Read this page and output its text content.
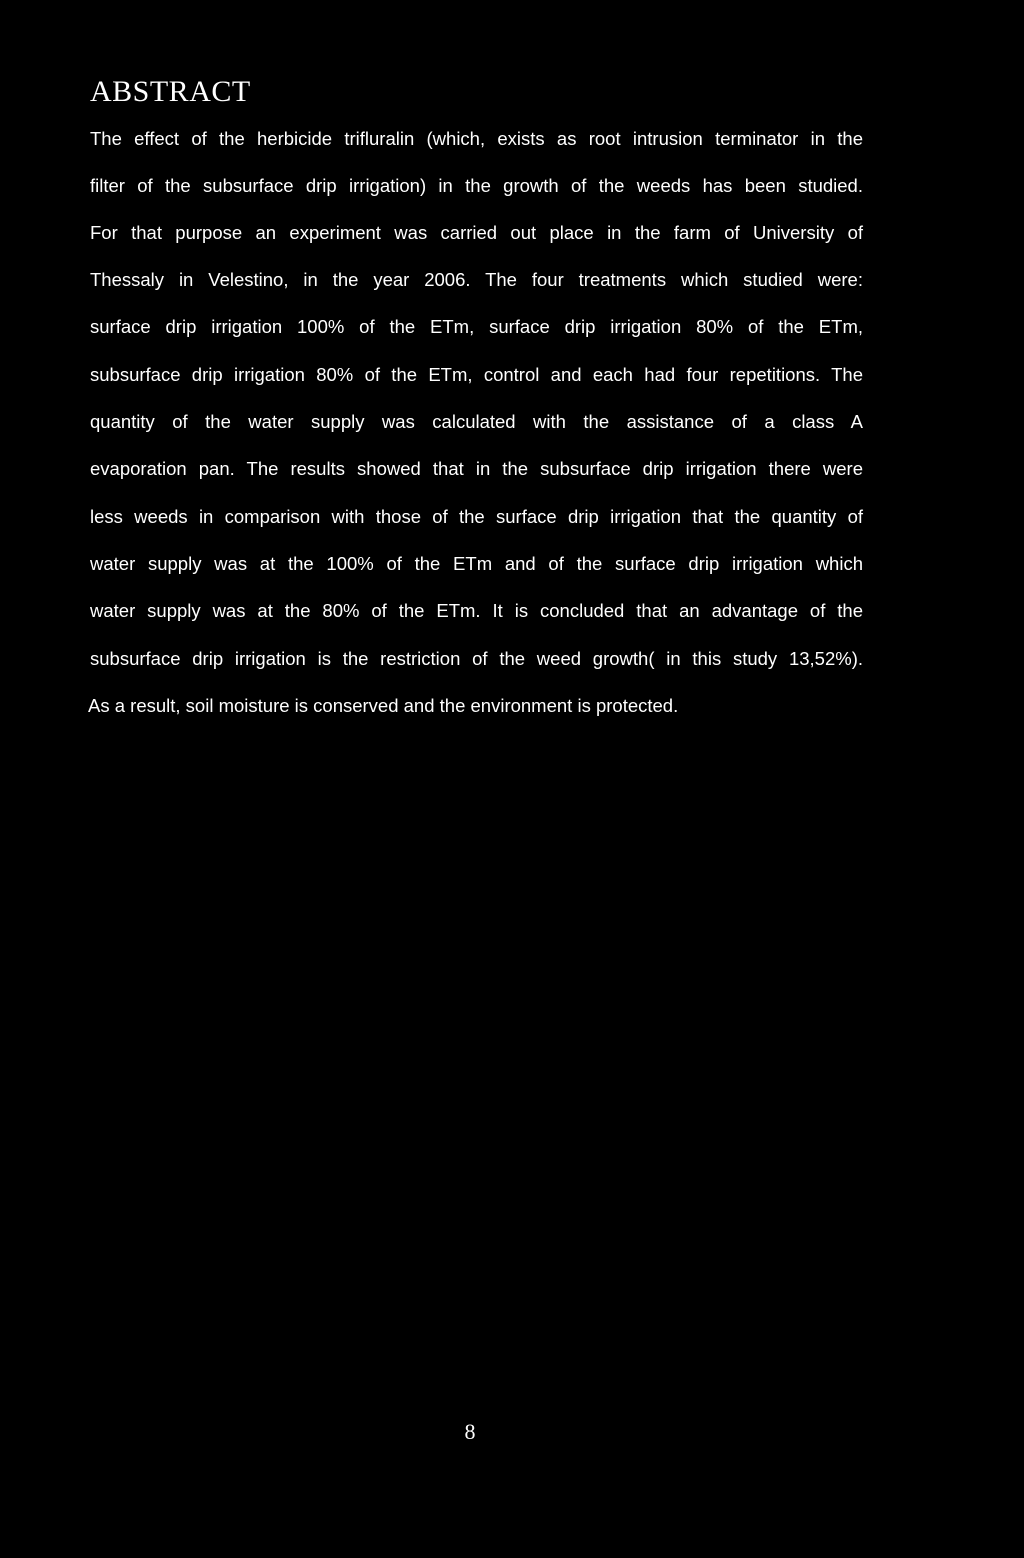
ABSTRACT

The effect of the herbicide trifluralin (which, exists as root intrusion terminator in the

filter of the subsurface drip irrigation) in the growth of the weeds has been studied.

For that purpose an experiment was carried out place in the farm of University of

Thessaly in Velestino, in the year 2006. The four treatments which studied were:

surface drip irrigation 100% of the ETm, surface drip irrigation 80% of the ETm,

subsurface drip irrigation 80% of the ETm, control and each had four repetitions. The

quantity of the water supply was calculated with the assistance of a class A

evaporation pan. The results showed that in the subsurface drip irrigation there were

less weeds in comparison with those of the surface drip irrigation that the quantity of

water supply was at the 100% of the ETm and of the surface drip irrigation which

water supply was at the 80% of the ETm. It is concluded that an advantage of the

subsurface drip irrigation is the restriction of the weed growth( in this study 13,52%).

As a result, soil moisture is conserved and the environment is protected.

8
